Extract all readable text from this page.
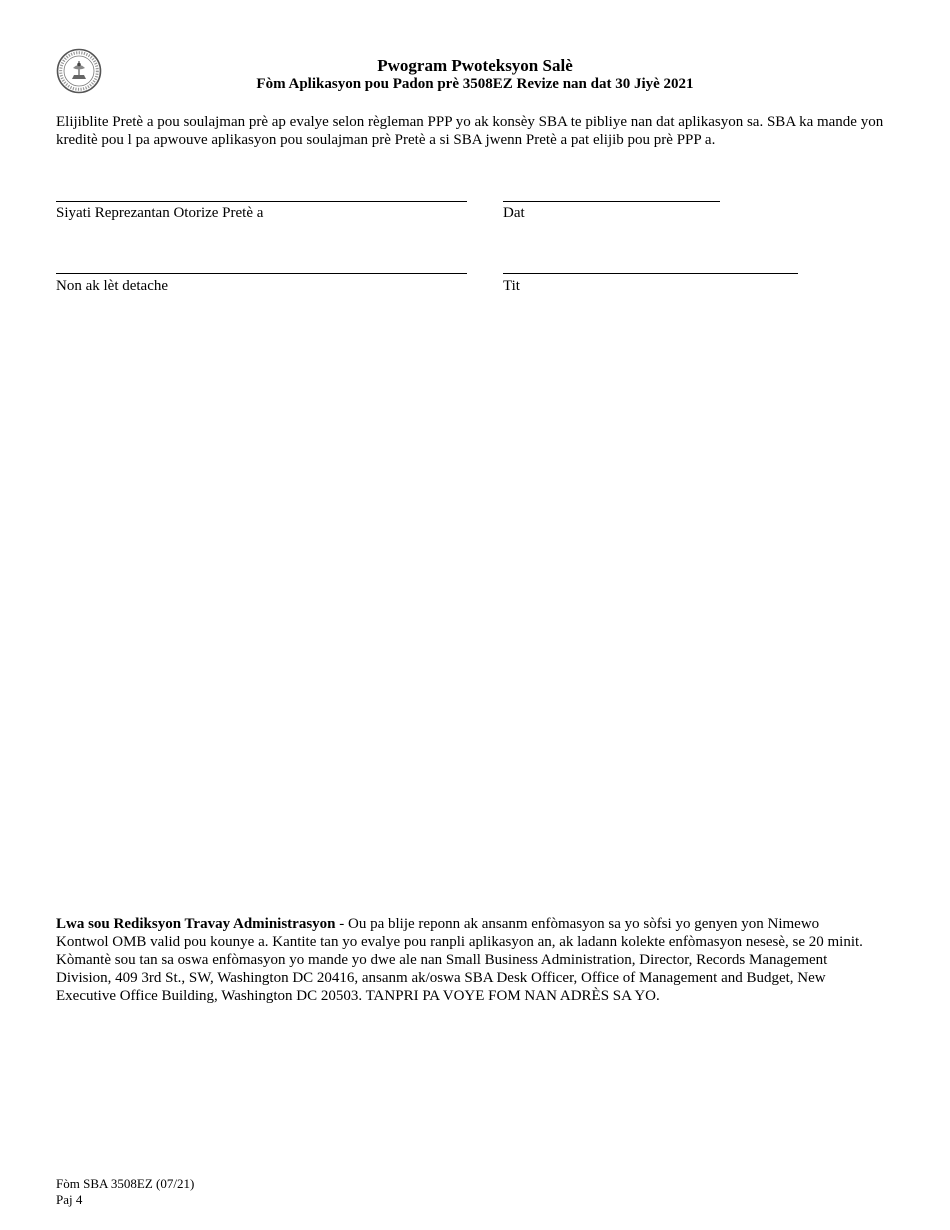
Pwogram Pwoteksyon Salè
Fòm Aplikasyon pou Padon prè 3508EZ Revize nan dat 30 Jiyè 2021
Elijiblite Pretè a pou soulajman prè ap evalye selon règleman PPP yo ak konsèy SBA te pibliye nan dat aplikasyon sa. SBA ka mande yon kreditè pou l pa apwouve aplikasyon pou soulajman prè Pretè a si SBA jwenn Pretè a pat elijib pou prè PPP a.
Siyati Reprezantan Otorize Pretè a	Dat
Non ak lèt detache	Tit
Lwa sou Rediksyon Travay Administrasyon - Ou pa blije reponn ak ansanm enfòmasyon sa yo sòfsi yo genyen yon Nimewo Kontwol OMB valid pou kounye a. Kantite tan yo evalye pou ranpli aplikasyon an, ak ladann kolekte enfòmasyon nesesè, se 20 minit. Kòmantè sou tan sa oswa enfòmasyon yo mande yo dwe ale nan Small Business Administration, Director, Records Management Division, 409 3rd St., SW, Washington DC 20416, ansanm ak/oswa SBA Desk Officer, Office of Management and Budget, New Executive Office Building, Washington DC 20503. TANPRI PA VOYE FOM NAN ADRÈS SA YO.
Fòm SBA 3508EZ (07/21)
Paj 4
